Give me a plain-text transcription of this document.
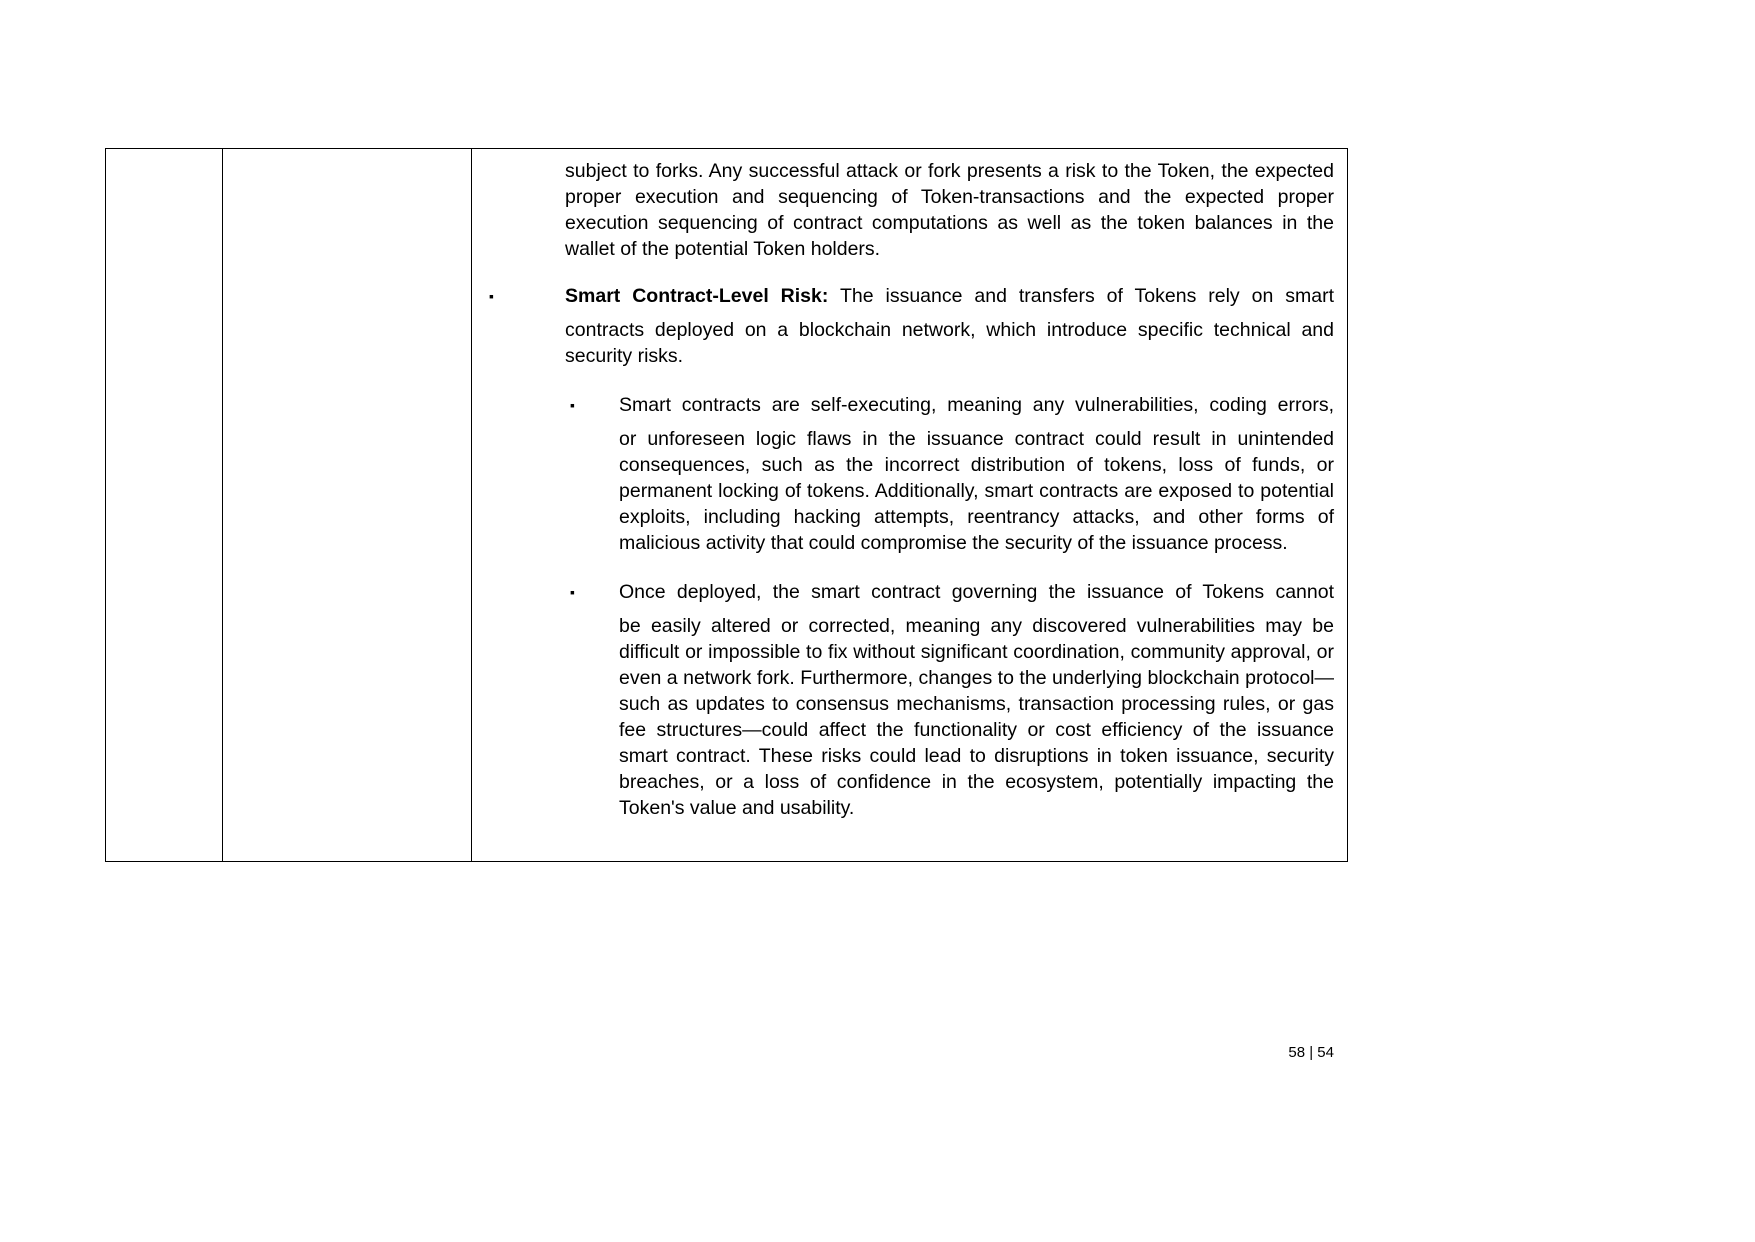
subject to forks. Any successful attack or fork presents a risk to the Token, the expected proper execution and sequencing of Token-transactions and the expected proper execution sequencing of contract computations as well as the token balances in the wallet of the potential Token holders.

▪	Smart Contract-Level Risk: The issuance and transfers of Tokens rely on smart

contracts deployed on a blockchain network, which introduce specific technical and security risks.

▪ Smart contracts are self-executing, meaning any vulnerabilities, coding errors,

or unforeseen logic flaws in the issuance contract could result in unintended consequences, such as the incorrect distribution of tokens, loss of funds, or permanent locking of tokens. Additionally, smart contracts are exposed to potential exploits, including hacking attempts, reentrancy attacks, and other forms of malicious activity that could compromise the security of the issuance process.

▪ Once deployed, the smart contract governing the issuance of Tokens cannot

be easily altered or corrected, meaning any discovered vulnerabilities may be difficult or impossible to fix without significant coordination, community approval, or even a network fork. Furthermore, changes to the underlying blockchain protocol—such as updates to consensus mechanisms, transaction processing rules, or gas fee structures—could affect the functionality or cost efficiency of the issuance smart contract. These risks could lead to disruptions in token issuance, security breaches, or a loss of confidence in the ecosystem, potentially impacting the Token's value and usability.

58 | 54
